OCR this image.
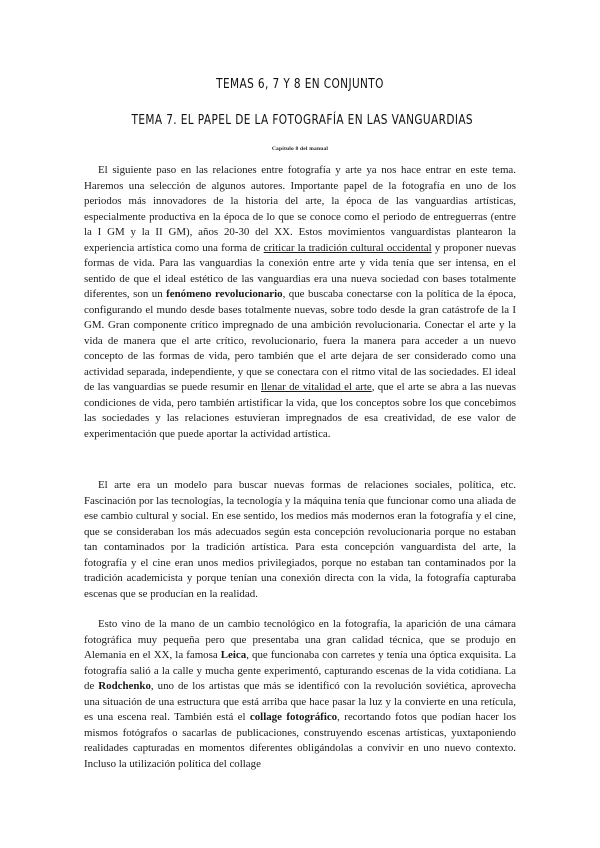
TEMAS 6, 7 Y 8 EN CONJUNTO
TEMA 7. EL PAPEL DE LA FOTOGRAFÍA EN LAS VANGUARDIAS
Capítulo 8 del manual

El siguiente paso en las relaciones entre fotografía y arte ya nos hace entrar en este tema. Haremos una selección de algunos autores. Importante papel de la fotografía en uno de los periodos más innovadores de la historia del arte, la época de las vanguardias artísticas, especialmente productiva en la época de lo que se conoce como el periodo de entreguerras (entre la I GM y la II GM), años 20-30 del XX. Estos movimientos vanguardistas plantearon la experiencia artística como una forma de criticar la tradición cultural occidental y proponer nuevas formas de vida. Para las vanguardias la conexión entre arte y vida tenía que ser intensa, en el sentido de que el ideal estético de las vanguardias era una nueva sociedad con bases totalmente diferentes, son un fenómeno revolucionario, que buscaba conectarse con la política de la época, configurando el mundo desde bases totalmente nuevas, sobre todo desde la gran catástrofe de la I GM. Gran componente crítico impregnado de una ambición revolucionaria. Conectar el arte y la vida de manera que el arte crítico, revolucionario, fuera la manera para acceder a un nuevo concepto de las formas de vida, pero también que el arte dejara de ser considerado como una actividad separada, independiente, y que se conectara con el ritmo vital de las sociedades. El ideal de las vanguardias se puede resumir en llenar de vitalidad el arte, que el arte se abra a las nuevas condiciones de vida, pero también artistificar la vida, que los conceptos sobre los que concebimos las sociedades y las relaciones estuvieran impregnados de esa creatividad, de ese valor de experimentación que puede aportar la actividad artística.

El arte era un modelo para buscar nuevas formas de relaciones sociales, política, etc. Fascinación por las tecnologías, la tecnología y la máquina tenía que funcionar como una aliada de ese cambio cultural y social. En ese sentido, los medios más modernos eran la fotografía y el cine, que se consideraban los más adecuados según esta concepción revolucionaria porque no estaban tan contaminados por la tradición artística. Para esta concepción vanguardista del arte, la fotografía y el cine eran unos medios privilegiados, porque no estaban tan contaminados por la tradición academicista y porque tenían una conexión directa con la vida, la fotografía capturaba escenas que se producían en la realidad.

Esto vino de la mano de un cambio tecnológico en la fotografía, la aparición de una cámara fotográfica muy pequeña pero que presentaba una gran calidad técnica, que se produjo en Alemania en el XX, la famosa Leica, que funcionaba con carretes y tenía una óptica exquisita. La fotografía salió a la calle y mucha gente experimentó, capturando escenas de la vida cotidiana. La de Rodchenko, uno de los artistas que más se identificó con la revolución soviética, aprovecha una situación de una estructura que está arriba que hace pasar la luz y la convierte en una retícula, es una escena real. También está el collage fotográfico, recortando fotos que podían hacer los mismos fotógrafos o sacarlas de publicaciones, construyendo escenas artísticas, yuxtaponiendo realidades capturadas en momentos diferentes obligándolas a convivir en uno nuevo contexto. Incluso la utilización política del collage
